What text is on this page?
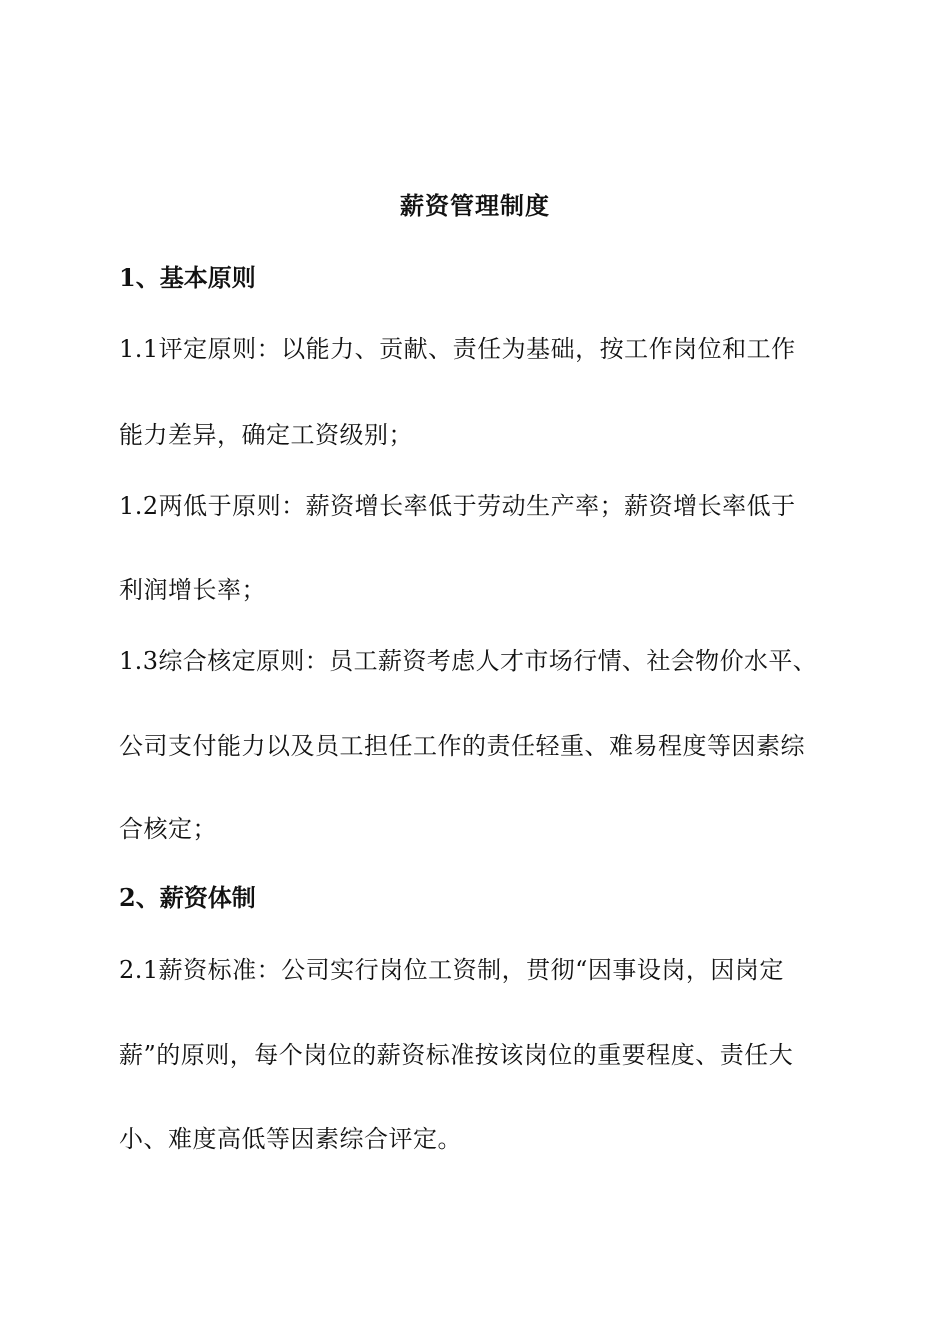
薪资管理制度
1、基本原则
1.1评定原则：以能力、贡献、责任为基础，按工作岗位和工作
能力差异，确定工资级别；
1.2两低于原则：薪资增长率低于劳动生产率；薪资增长率低于
利润增长率；
1.3综合核定原则：员工薪资考虑人才市场行情、社会物价水平、
公司支付能力以及员工担任工作的责任轻重、难易程度等因素综
合核定；
2、薪资体制
2.1薪资标准：公司实行岗位工资制，贯彻“因事设岗，因岗定
薪”的原则，每个岗位的薪资标准按该岗位的重要程度、责任大
小、难度高低等因素综合评定。
